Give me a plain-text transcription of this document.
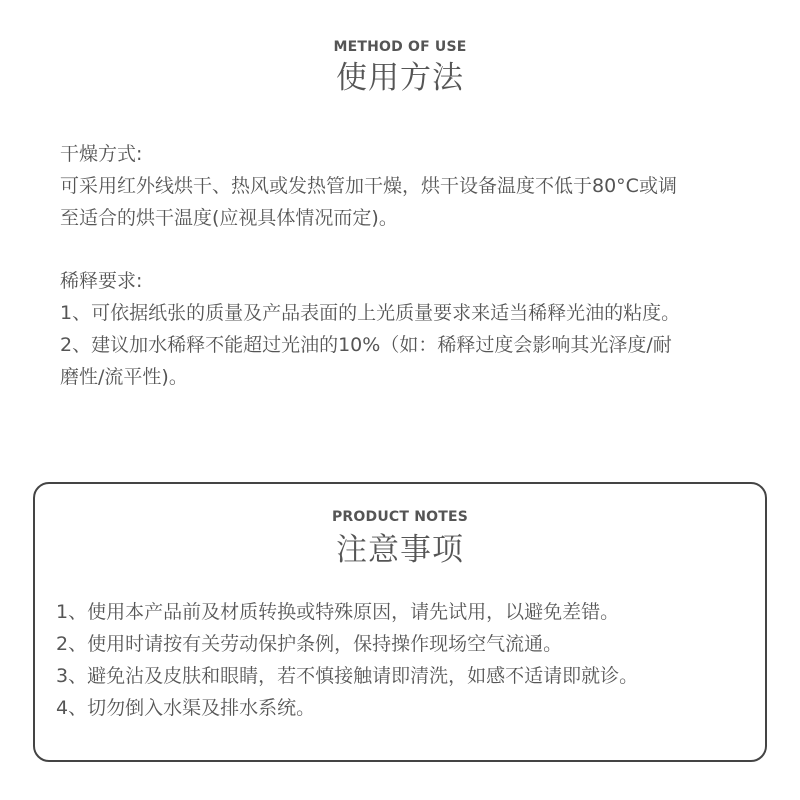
METHOD OF USE
使用方法

干燥方式:

可采用红外线烘干、热风或发热管加干燥，烘干设备温度不低于80°C或调

至适合的烘干温度(应视具体情况而定)。

稀释要求:

1、可依据纸张的质量及产品表面的上光质量要求来适当稀释光油的粘度。

2、建议加水稀释不能超过光油的10%（如：稀释过度会影响其光泽度/耐

磨性/流平性)。

PRODUCT NOTES
注意事项

1、使用本产品前及材质转换或特殊原因，请先试用，以避免差错。

2、使用时请按有关劳动保护条例，保持操作现场空气流通。

3、避免沾及皮肤和眼睛，若不慎接触请即清洗，如感不适请即就诊。

4、切勿倒入水渠及排水系统。
